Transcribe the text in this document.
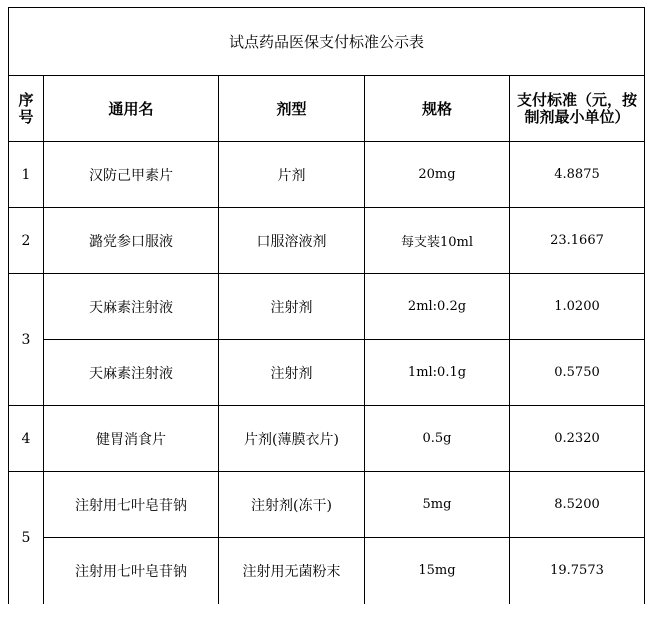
试点药品医保支付标准公示表				

序号	通用名	剂型	规格	支付标准（元，按制剂最小单位）

1	汉防己甲素片	片剂	20mg	4.8875
2	潞党参口服液	口服溶液剂	每支装10ml	23.1667
3	天麻素注射液	注射剂	2ml:0.2g	1.0200
	天麻素注射液	注射剂	1ml:0.1g	0.5750
4	健胃消食片	片剂(薄膜衣片)	0.5g	0.2320
5	注射用七叶皂苷钠	注射剂(冻干)	5mg	8.5200
	注射用七叶皂苷钠	注射用无菌粉末	15mg	19.7573
